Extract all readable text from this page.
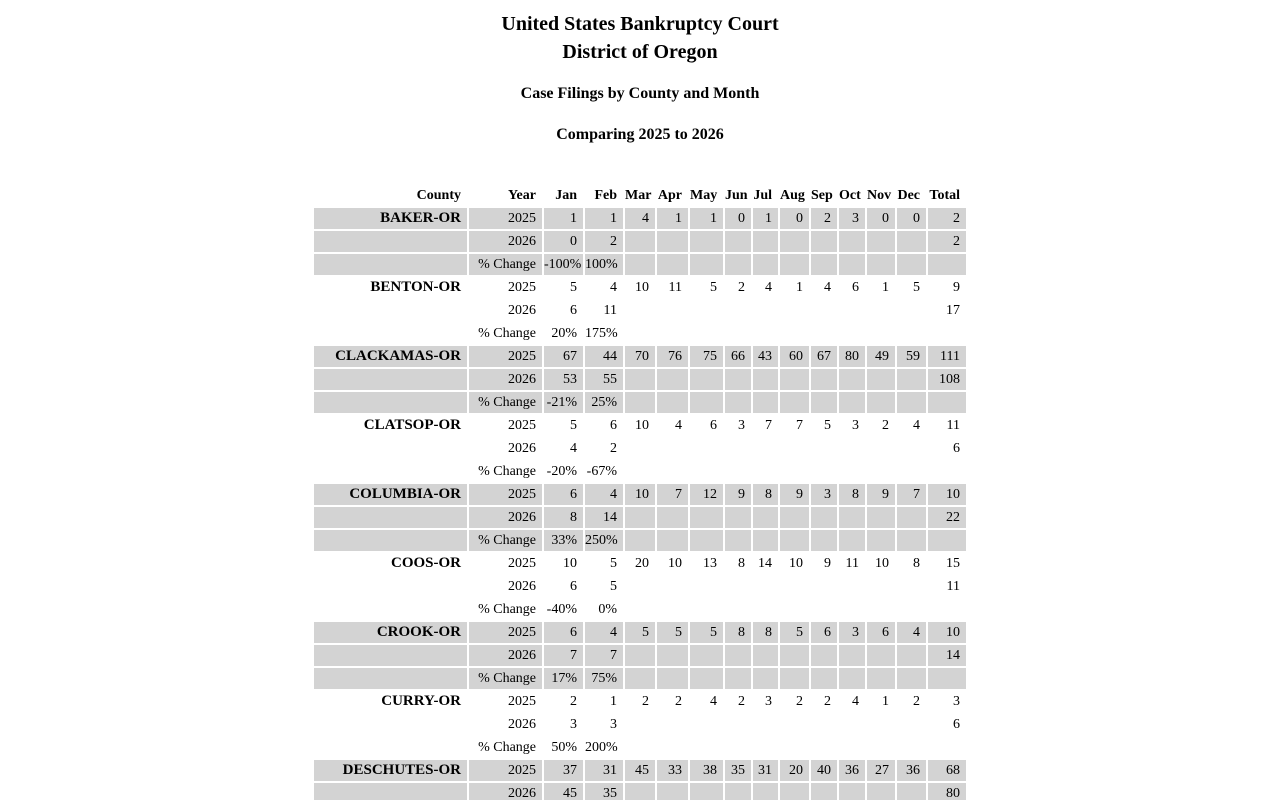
United States Bankruptcy Court
District of Oregon
Case Filings by County and Month
Comparing 2025 to 2026
County	Year	Jan	Feb	Mar	Apr	May	Jun	Jul	Aug	Sep	Oct	Nov	Dec	Total
BAKER-OR	2025	1	1	4	1	1	0	1	0	2	3	0	0	2
	2026	0	2											2
	% Change	-100%	100%											
BENTON-OR	2025	5	4	10	11	5	2	4	1	4	6	1	5	9
	2026	6	11											17
	% Change	20%	175%											
CLACKAMAS-OR	2025	67	44	70	76	75	66	43	60	67	80	49	59	111
	2026	53	55											108
	% Change	-21%	25%											
CLATSOP-OR	2025	5	6	10	4	6	3	7	7	5	3	2	4	11
	2026	4	2											6
	% Change	-20%	-67%											
COLUMBIA-OR	2025	6	4	10	7	12	9	8	9	3	8	9	7	10
	2026	8	14											22
	% Change	33%	250%											
COOS-OR	2025	10	5	20	10	13	8	14	10	9	11	10	8	15
	2026	6	5											11
	% Change	-40%	0%											
CROOK-OR	2025	6	4	5	5	5	8	8	5	6	3	6	4	10
	2026	7	7											14
	% Change	17%	75%											
CURRY-OR	2025	2	1	2	2	4	2	3	2	2	4	1	2	3
	2026	3	3											6
	% Change	50%	200%											
DESCHUTES-OR	2025	37	31	45	33	38	35	31	20	40	36	27	36	68
	2026	45	35											80
